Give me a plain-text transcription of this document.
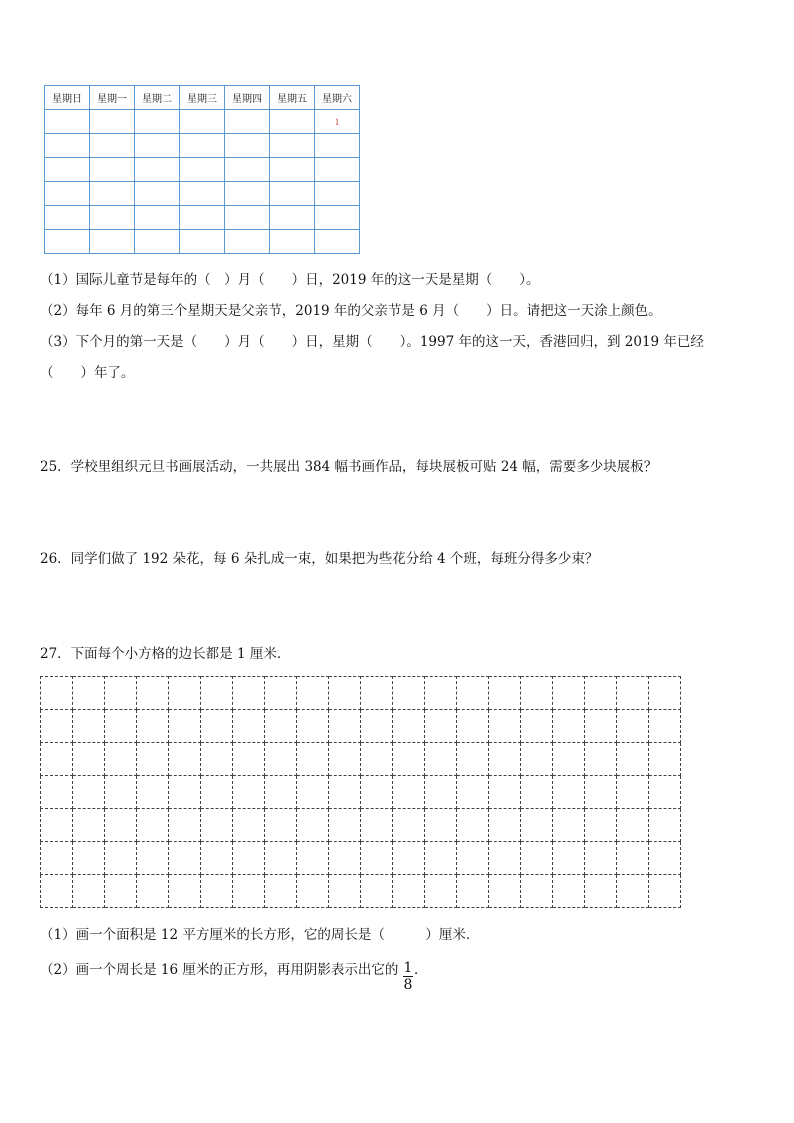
星期日	星期一	星期二	星期三	星期四	星期五	星期六
						1

（1）国际儿童节是每年的（　）月（　　）日，2019 年的这一天是星期（　　）。
（2）每年 6 月的第三个星期天是父亲节，2019 年的父亲节是 6 月（　　）日。请把这一天涂上颜色。
（3）下个月的第一天是（　　）月（　　）日，星期（　　）。1997 年的这一天，香港回归，到 2019 年已经
（　　）年了。
25．学校里组织元旦书画展活动，一共展出 384 幅书画作品，每块展板可贴 24 幅，需要多少块展板？
26．同学们做了 192 朵花，每 6 朵扎成一束，如果把为些花分给 4 个班，每班分得多少束？
27．下面每个小方格的边长都是 1 厘米．

（1）画一个面积是 12 平方厘米的长方形，它的周长是（　　　）厘米．
（2）画一个周长是 16 厘米的正方形，再用阴影表示出它的 1
8
．
